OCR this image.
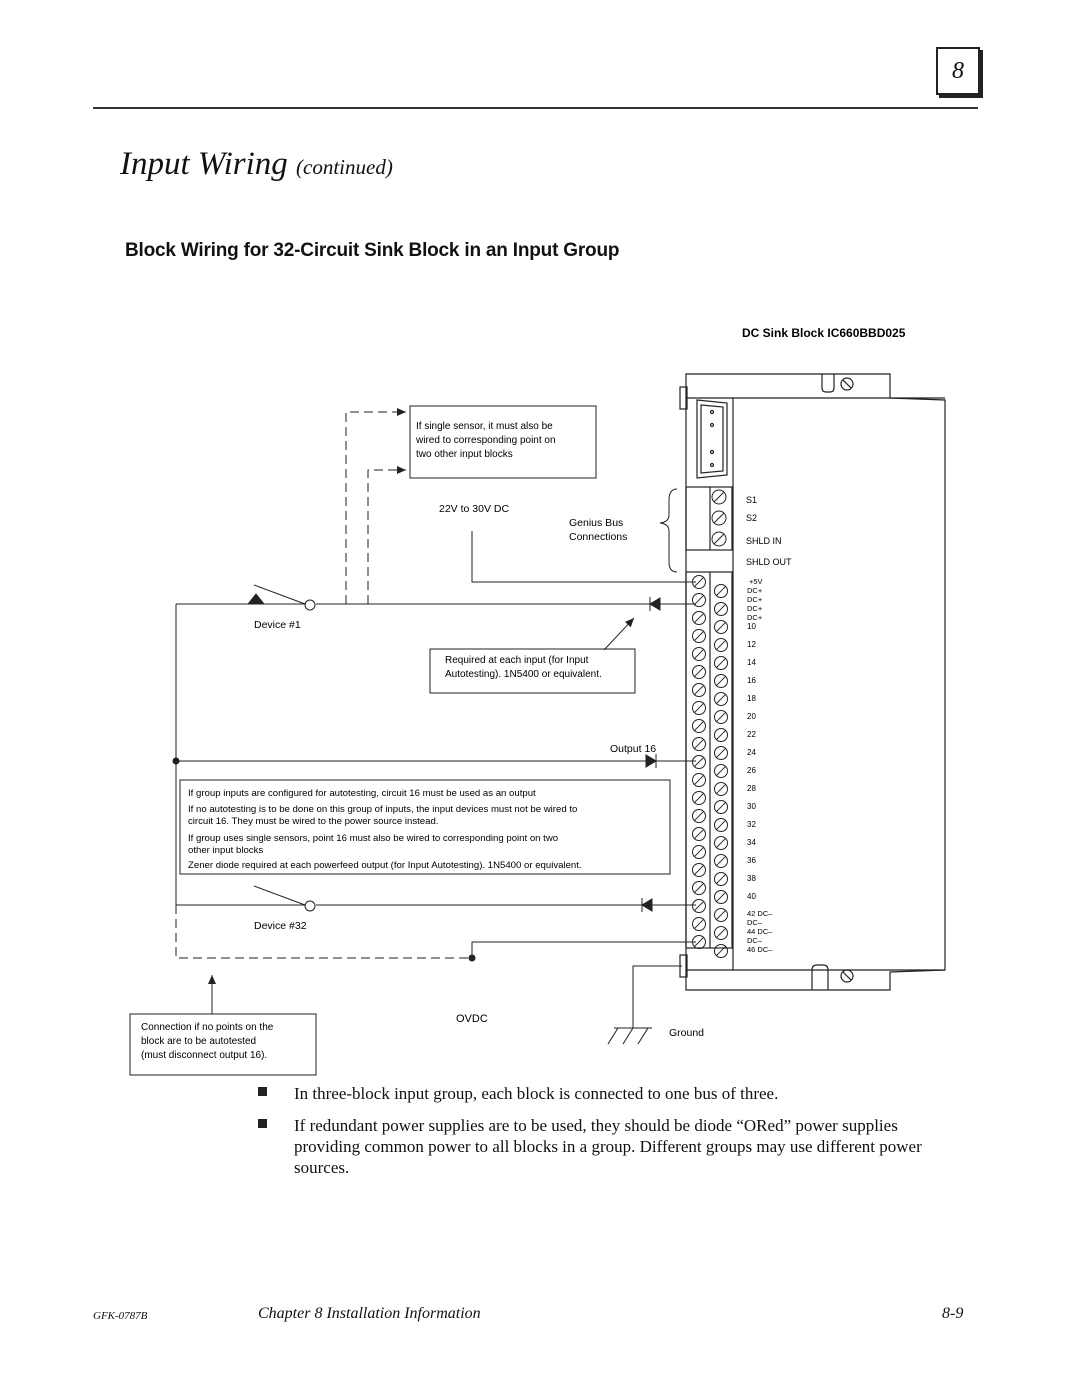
8
Input Wiring (continued)
Block Wiring for 32-Circuit Sink Block in an Input Group
DC Sink Block IC660BBD025
S1
S2
SHLD IN
SHLD OUT
+5V
DC+
DC+
DC+
DC+
10
12
14
16
18
20
22
24
26
28
30
32
34
36
38
40
42 DC–
DC–
44 DC–
DC–
46 DC–
Genius Bus
Connections
22V to 30V DC
If single sensor, it must also be
wired to corresponding point on
two other input blocks
Device #1
Required at each input (for Input
Autotesting). 1N5400 or equivalent.
Output 16
If group inputs are configured for autotesting, circuit 16 must be used as an output
If no autotesting is to be done on this group of inputs, the input devices must not be wired to
circuit 16. They must be wired to the power source instead.
If group uses single sensors, point 16 must also be wired to corresponding point on two
other input blocks
Zener diode required at each powerfeed output (for Input Autotesting). 1N5400 or equivalent.
Device #32
OVDC
Connection if no points on the
block are to be autotested
(must disconnect output 16).
Ground
In three-block input group, each block is connected to one bus of three.
If redundant power supplies are to be used, they should be diode “ORed” power supplies providing common power to all blocks in a group. Different groups may use different power sources.
GFK-0787B	Chapter 8 Installation Information	8-9
